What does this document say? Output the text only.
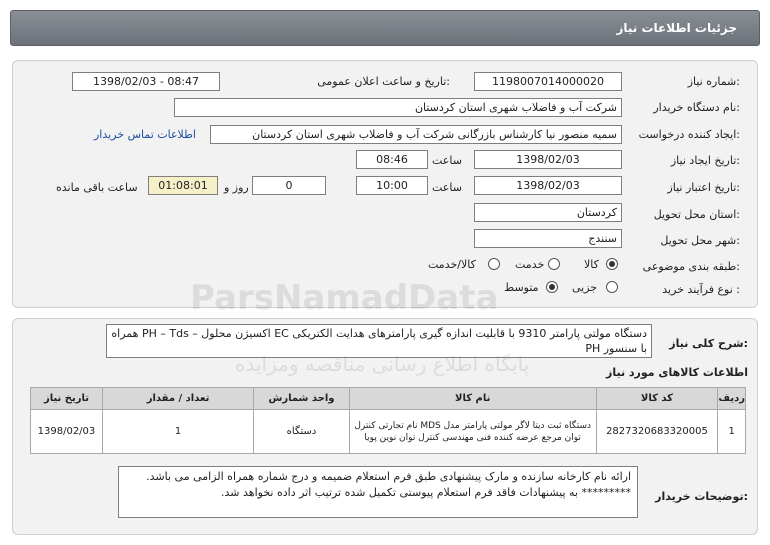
جزئیات اطلاعات نیاز
شماره نیاز:
1198007014000020
تاریخ و ساعت اعلان عمومی:
1398/02/03 - 08:47
نام دستگاه خریدار:
شرکت آب و فاضلاب شهری استان کردستان
ایجاد کننده درخواست:
سمیه منصور نیا کارشناس بازرگانی شرکت آب و فاضلاب شهری استان کردستان
اطلاعات تماس خریدار
تاریخ ایجاد نیاز:
1398/02/03
ساعت
08:46
تاریخ اعتبار نیاز:
1398/02/03
ساعت
10:00
0
روز و
01:08:01
ساعت باقی مانده
استان محل تحویل:
کردستان
شهر محل تحویل:
سنندج
طبقه بندی موضوعی:
کالا
خدمت
کالا/خدمت
نوع فرآیند خرید :
جزیی
متوسط
ParsNamadData
شرح کلی نیاز:
دستگاه مولتی پارامتر 9310 با قابلیت اندازه گیری پارامترهای هدایت الکتریکی EC اکسیژن محلول – PH – Tds همراه با سنسور PH
اطلاعات کالاهای مورد نیاز
پایگاه اطلاع رسانی مناقصه ومزایده
تاریخ نیاز	تعداد / مقدار	واحد شمارش	نام کالا	کد کالا	ردیف
1398/02/03	1	دستگاه	دستگاه ثبت دیتا لاگر مولتی پارامتر مدل MDS نام تجارتی کنترل توان مرجع عرضه کننده فنی مهندسی کنترل توان نوین پویا	2827320683320005	1
توضیحات خریدار:
ارائه نام کارخانه سازنده و مارک پیشنهادی طبق فرم استعلام ضمیمه و درج شماره همراه الزامی می باشد.
********* به پیشنهادات فاقد فرم استعلام پیوستی تکمیل شده ترتیب اثر داده نخواهد شد.
